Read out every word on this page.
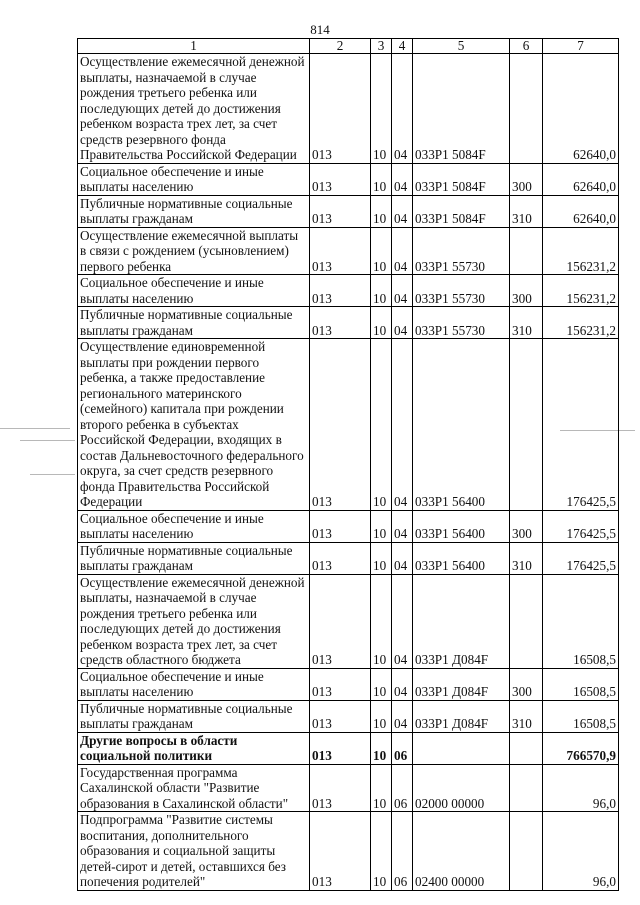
814
1	2	3	4	5	6	7
Осуществление ежемесячной денежной выплаты, назначаемой в случае рождения третьего ребенка или последующих детей до достижения ребенком возраста трех лет, за счет средств резервного фонда Правительства Российской Федерации	013	10	04	033P1 5084F		62640,0
Социальное обеспечение и иные выплаты населению	013	10	04	033P1 5084F	300	62640,0
Публичные нормативные социальные выплаты гражданам	013	10	04	033P1 5084F	310	62640,0
Осуществление ежемесячной выплаты в связи с рождением (усыновлением) первого ребенка	013	10	04	033P1 55730		156231,2
Социальное обеспечение и иные выплаты населению	013	10	04	033P1 55730	300	156231,2
Публичные нормативные социальные выплаты гражданам	013	10	04	033P1 55730	310	156231,2
Осуществление единовременной выплаты при рождении первого ребенка, а также предоставление регионального материнского (семейного) капитала при рождении второго ребенка в субъектах Российской Федерации, входящих в состав Дальневосточного федерального округа, за счет средств резервного фонда Правительства Российской Федерации	013	10	04	033P1 56400		176425,5
Социальное обеспечение и иные выплаты населению	013	10	04	033P1 56400	300	176425,5
Публичные нормативные социальные выплаты гражданам	013	10	04	033P1 56400	310	176425,5
Осуществление ежемесячной денежной выплаты, назначаемой в случае рождения третьего ребенка или последующих детей до достижения ребенком возраста трех лет, за счет средств областного бюджета	013	10	04	033P1 Д084F		16508,5
Социальное обеспечение и иные выплаты населению	013	10	04	033P1 Д084F	300	16508,5
Публичные нормативные социальные выплаты гражданам	013	10	04	033P1 Д084F	310	16508,5
Другие вопросы в области социальной политики	013	10	06			766570,9
Государственная программа Сахалинской области "Развитие образования в Сахалинской области"	013	10	06	02000 00000		96,0
Подпрограмма "Развитие системы воспитания, дополнительного образования и социальной защиты детей-сирот и детей, оставшихся без попечения родителей"	013	10	06	02400 00000		96,0
